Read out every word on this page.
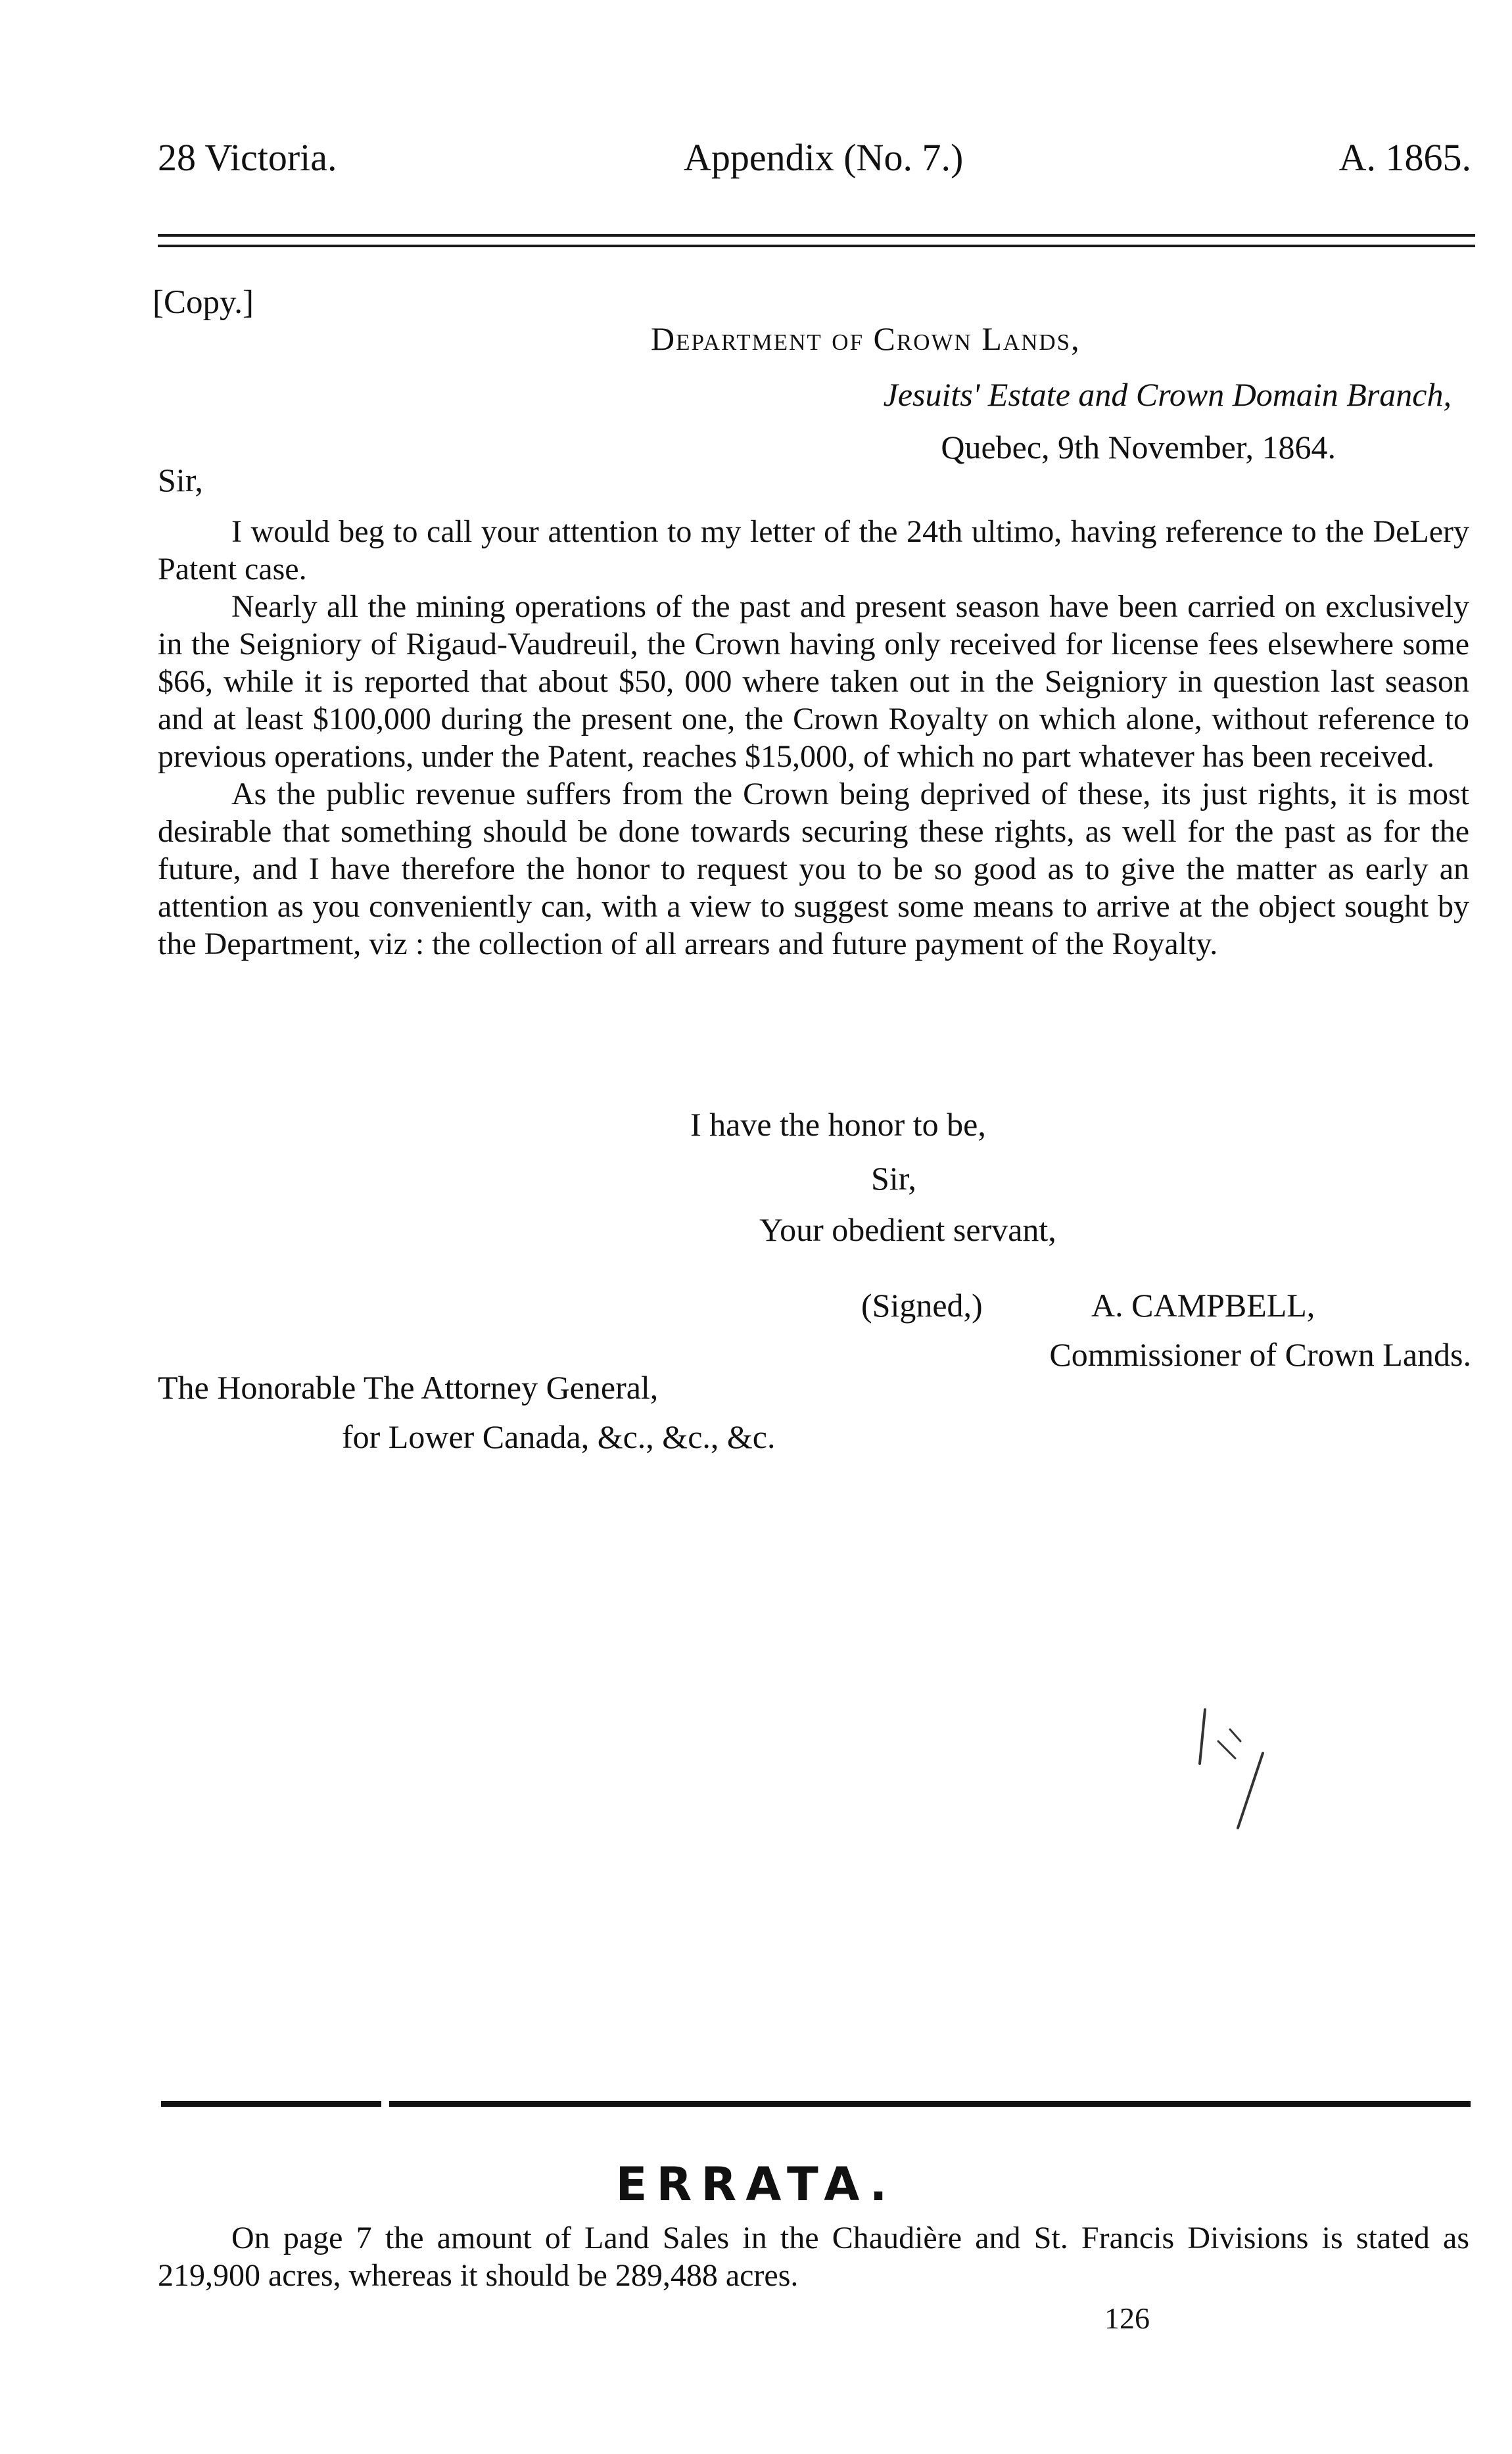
28 Victoria.	Appendix (No. 7.)	A. 1865.
[Copy.]
Department of Crown Lands,
Jesuits' Estate and Crown Domain Branch,
Quebec, 9th November, 1864.
Sir,

I would beg to call your attention to my letter of the 24th ultimo, having reference to the DeLery Patent case.

Nearly all the mining operations of the past and present season have been carried on exclusively in the Seigniory of Rigaud-Vaudreuil, the Crown having only received for license fees elsewhere some $66, while it is reported that about $50, 000 where taken out in the Seigniory in question last season and at least $100,000 during the present one, the Crown Royalty on which alone, without reference to previous operations, under the Patent, reaches $15,000, of which no part whatever has been received.

As the public revenue suffers from the Crown being deprived of these, its just rights, it is most desirable that something should be done towards securing these rights, as well for the past as for the future, and I have therefore the honor to request you to be so good as to give the matter as early an attention as you conveniently can, with a view to suggest some means to arrive at the object sought by the Department, viz : the collection of all arrears and future payment of the Royalty.

I have the honor to be,
Sir,
Your obedient servant,
(Signed,)	A. CAMPBELL,
Commissioner of Crown Lands.
The Honorable The Attorney General,
for Lower Canada, &c., &c., &c.
ERRATA.

On page 7 the amount of Land Sales in the Chaudière and St. Francis Divisions is stated as 219,900 acres, whereas it should be 289,488 acres.

126
